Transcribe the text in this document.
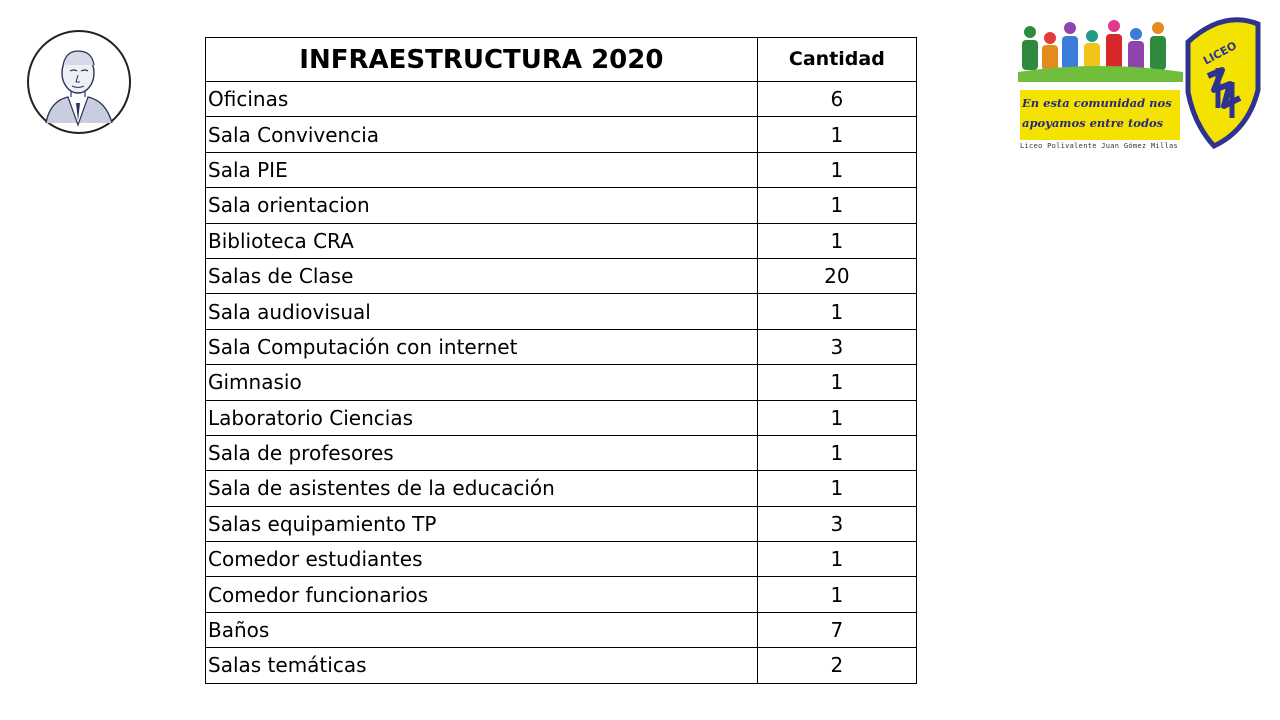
En esta comunidad nos
apoyamos entre todos
Liceo Polivalente Juan Gómez Millas
LICEO
INFRAESTRUCTURA 2020	Cantidad
Oficinas	6
Sala Convivencia	1
Sala PIE	1
Sala orientacion	1
Biblioteca CRA	1
Salas de Clase	20
Sala audiovisual	1
Sala Computación con internet	3
Gimnasio	1
Laboratorio Ciencias	1
Sala de profesores	1
Sala de asistentes de la educación	1
Salas equipamiento TP	3
Comedor estudiantes	1
Comedor funcionarios	1
Baños	7
Salas temáticas	2
